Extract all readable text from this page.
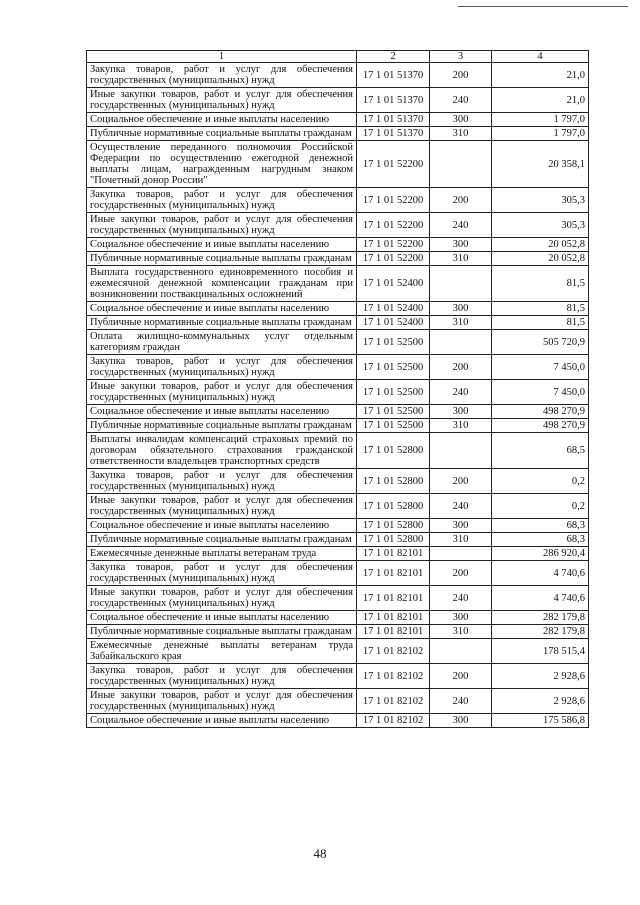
1	2	3	4
Закупка товаров, работ и услуг для обеспечения государственных (муниципальных) нужд	17 1 01 51370	200	21,0
Иные закупки товаров, работ и услуг для обеспечения государственных (муниципальных) нужд	17 1 01 51370	240	21,0
Социальное обеспечение и иные выплаты населению	17 1 01 51370	300	1 797,0
Публичные нормативные социальные выплаты гражданам	17 1 01 51370	310	1 797,0
Осуществление переданного полномочия Российской Федерации по осуществлению ежегодной денежной выплаты лицам, награжденным нагрудным знаком "Почетный донор России"	17 1 01 52200		20 358,1
Закупка товаров, работ и услуг для обеспечения государственных (муниципальных) нужд	17 1 01 52200	200	305,3
Иные закупки товаров, работ и услуг для обеспечения государственных (муниципальных) нужд	17 1 01 52200	240	305,3
Социальное обеспечение и иные выплаты населению	17 1 01 52200	300	20 052,8
Публичные нормативные социальные выплаты гражданам	17 1 01 52200	310	20 052,8
Выплата государственного единовременного пособия и ежемесячной денежной компенсации гражданам при возникновении поствакцинальных осложнений	17 1 01 52400		81,5
Социальное обеспечение и иные выплаты населению	17 1 01 52400	300	81,5
Публичные нормативные социальные выплаты гражданам	17 1 01 52400	310	81,5
Оплата жилищно-коммунальных услуг отдельным категориям граждан	17 1 01 52500		505 720,9
Закупка товаров, работ и услуг для обеспечения государственных (муниципальных) нужд	17 1 01 52500	200	7 450,0
Иные закупки товаров, работ и услуг для обеспечения государственных (муниципальных) нужд	17 1 01 52500	240	7 450,0
Социальное обеспечение и иные выплаты населению	17 1 01 52500	300	498 270,9
Публичные нормативные социальные выплаты гражданам	17 1 01 52500	310	498 270,9
Выплаты инвалидам компенсаций страховых премий по договорам обязательного страхования гражданской ответственности владельцев транспортных средств	17 1 01 52800		68,5
Закупка товаров, работ и услуг для обеспечения государственных (муниципальных) нужд	17 1 01 52800	200	0,2
Иные закупки товаров, работ и услуг для обеспечения государственных (муниципальных) нужд	17 1 01 52800	240	0,2
Социальное обеспечение и иные выплаты населению	17 1 01 52800	300	68,3
Публичные нормативные социальные выплаты гражданам	17 1 01 52800	310	68,3
Ежемесячные денежные выплаты ветеранам труда	17 1 01 82101		286 920,4
Закупка товаров, работ и услуг для обеспечения государственных (муниципальных) нужд	17 1 01 82101	200	4 740,6
Иные закупки товаров, работ и услуг для обеспечения государственных (муниципальных) нужд	17 1 01 82101	240	4 740,6
Социальное обеспечение и иные выплаты населению	17 1 01 82101	300	282 179,8
Публичные нормативные социальные выплаты гражданам	17 1 01 82101	310	282 179,8
Ежемесячные денежные выплаты ветеранам труда Забайкальского края	17 1 01 82102		178 515,4
Закупка товаров, работ и услуг для обеспечения государственных (муниципальных) нужд	17 1 01 82102	200	2 928,6
Иные закупки товаров, работ и услуг для обеспечения государственных (муниципальных) нужд	17 1 01 82102	240	2 928,6
Социальное обеспечение и иные выплаты населению	17 1 01 82102	300	175 586,8
48
